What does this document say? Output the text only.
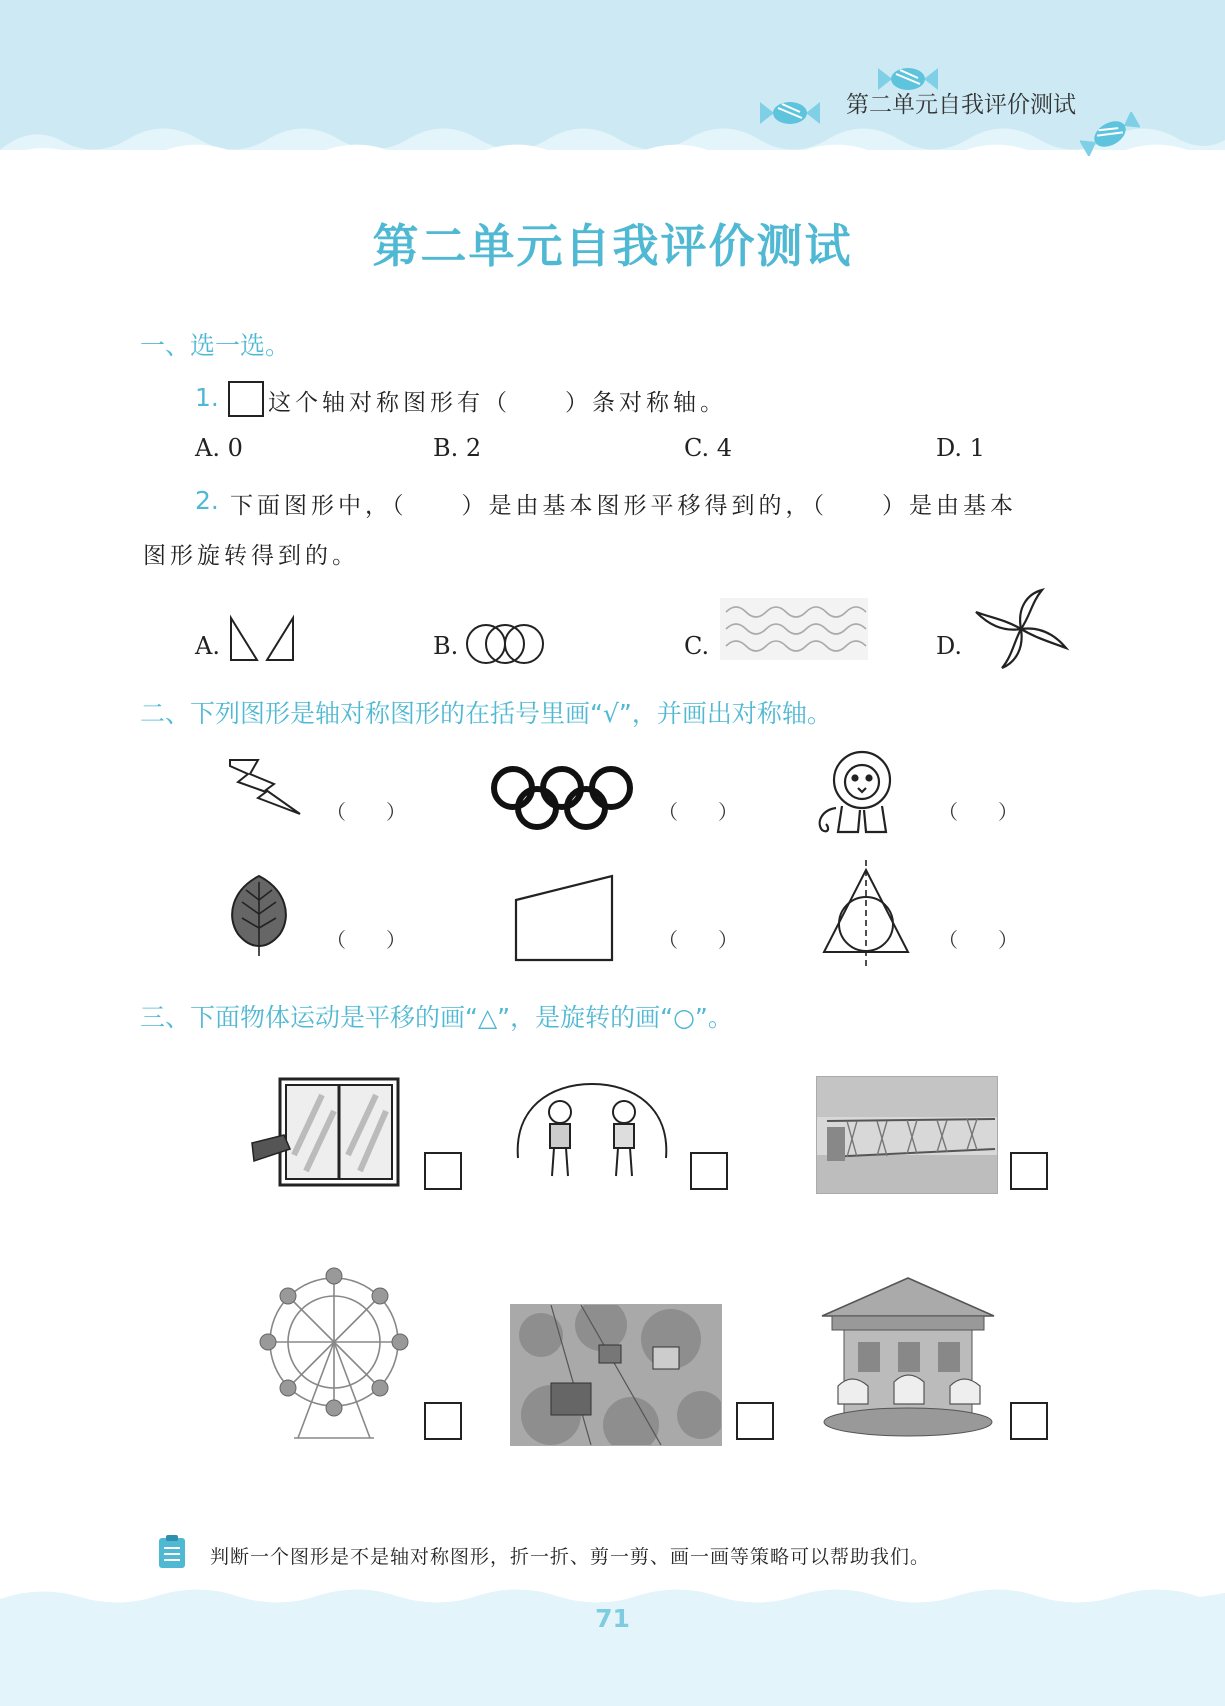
第二单元自我评价测试
第二单元自我评价测试
一、选一选。
1. 这个轴对称图形有（　　）条对称轴。
A. 0	B. 2	C. 4	D. 1
2. 下面图形中，（　　）是由基本图形平移得到的，（　　）是由基本
图形旋转得到的。
A.	B.	C.	D.
二、下列图形是轴对称图形的在括号里画“√”，并画出对称轴。
（　　）	（　　）	（　　）
（　　）	（　　）	（　　）
三、下面物体运动是平移的画“△”，是旋转的画“○”。
判断一个图形是不是轴对称图形，折一折、剪一剪、画一画等策略可以帮助我们。
71
